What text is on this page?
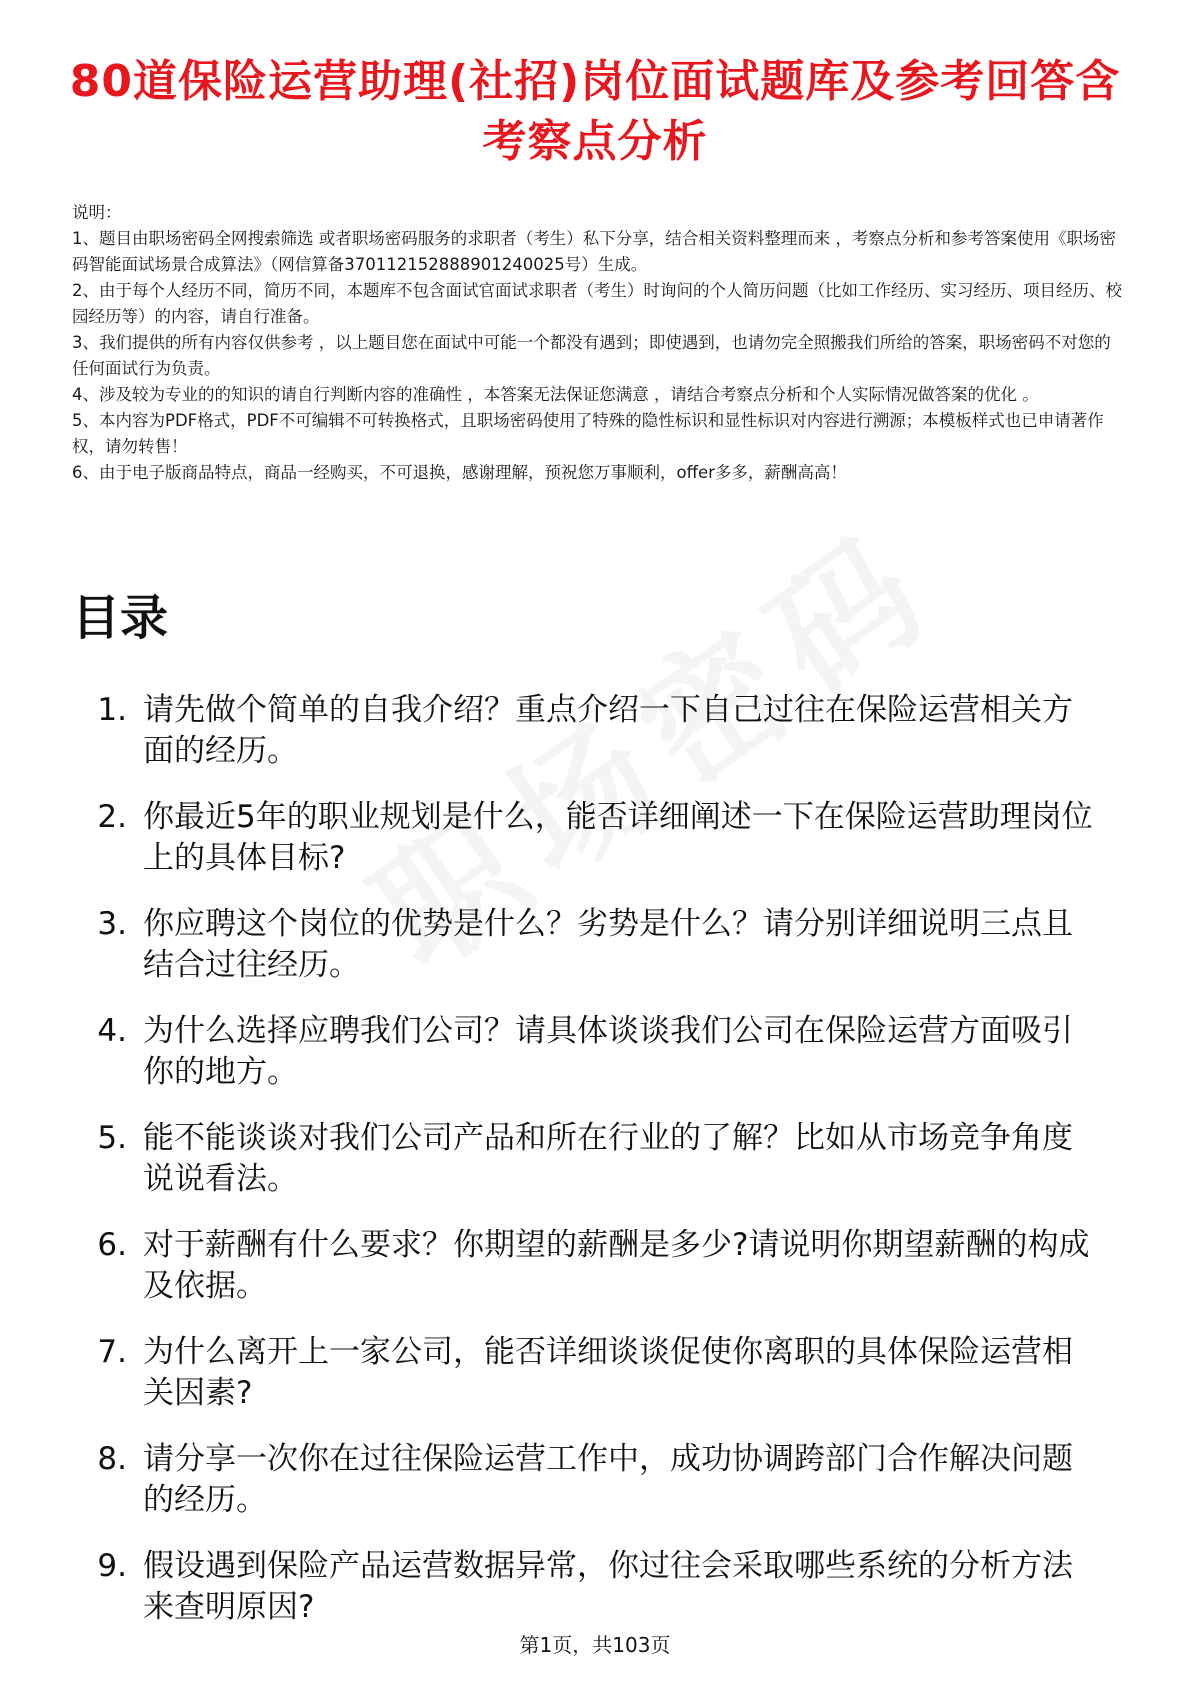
80道保险运营助理(社招)岗位面试题库及参考回答含考察点分析
说明：
1、题目由职场密码全网搜索筛选 或者职场密码服务的求职者（考生）私下分享，结合相关资料整理而来 ，考察点分析和参考答案使用《职场密码智能面试场景合成算法》（网信算备370112152888901240025号）生成。
2、由于每个人经历不同，简历不同，本题库不包含面试官面试求职者（考生）时询问的个人简历问题（比如工作经历、实习经历、项目经历、校园经历等）的内容，请自行准备。
3、我们提供的所有内容仅供参考 ，以上题目您在面试中可能一个都没有遇到；即使遇到，也请勿完全照搬我们所给的答案，职场密码不对您的任何面试行为负责。
4、涉及较为专业的的知识的请自行判断内容的准确性 ，本答案无法保证您满意 ，请结合考察点分析和个人实际情况做答案的优化 。
5、本内容为PDF格式，PDF不可编辑不可转换格式，且职场密码使用了特殊的隐性标识和显性标识对内容进行溯源；本模板样式也已申请著作权，请勿转售！
6、由于电子版商品特点，商品一经购买，不可退换，感谢理解，预祝您万事顺利，offer多多，薪酬高高！
目录
1. 请先做个简单的自我介绍？重点介绍一下自己过往在保险运营相关方面的经历。
2. 你最近5年的职业规划是什么，能否详细阐述一下在保险运营助理岗位上的具体目标?
3. 你应聘这个岗位的优势是什么？劣势是什么？请分别详细说明三点且结合过往经历。
4. 为什么选择应聘我们公司？请具体谈谈我们公司在保险运营方面吸引你的地方。
5. 能不能谈谈对我们公司产品和所在行业的了解？比如从市场竞争角度说说看法。
6. 对于薪酬有什么要求？你期望的薪酬是多少?请说明你期望薪酬的构成及依据。
7. 为什么离开上一家公司，能否详细谈谈促使你离职的具体保险运营相关因素?
8. 请分享一次你在过往保险运营工作中，成功协调跨部门合作解决问题的经历。
9. 假设遇到保险产品运营数据异常，你过往会采取哪些系统的分析方法来查明原因?
第1页，共103页
